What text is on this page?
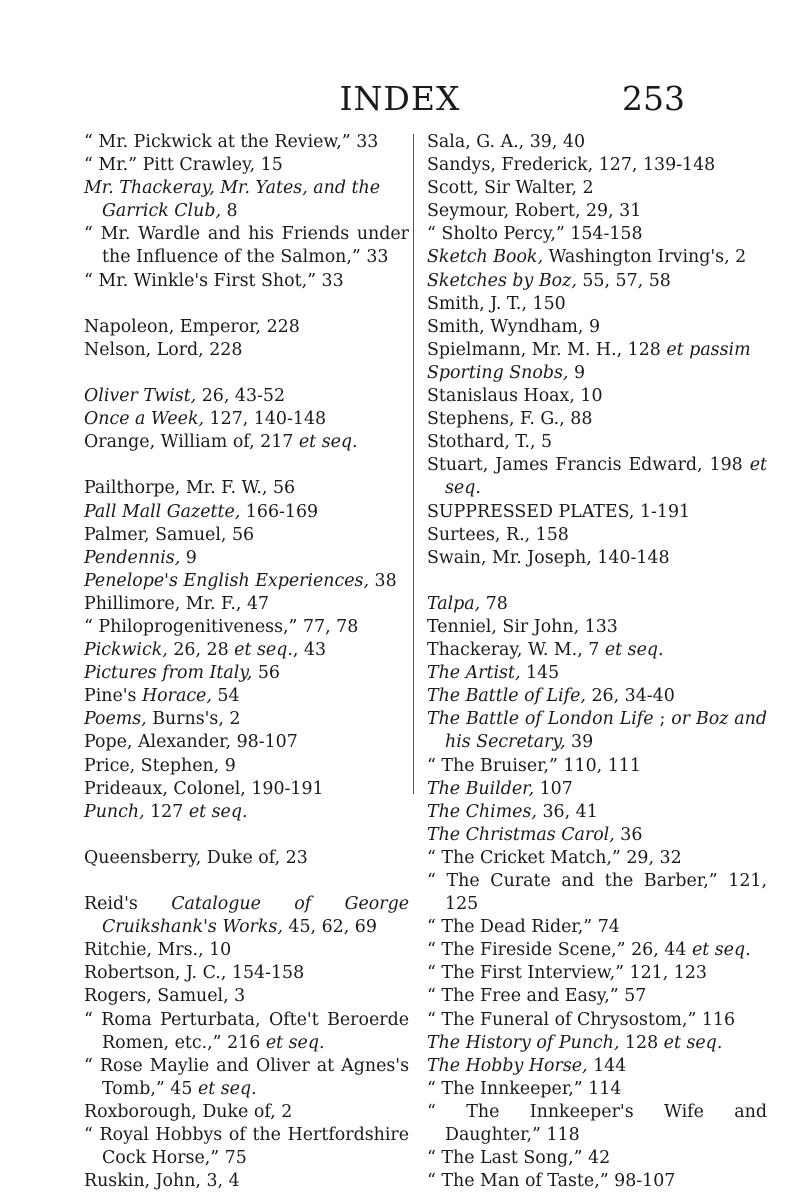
INDEX	253
“ Mr. Pickwick at the Review,” 33
“ Mr.” Pitt Crawley, 15
Mr. Thackeray, Mr. Yates, and the Garrick Club, 8
“ Mr. Wardle and his Friends under the Influence of the Salmon,” 33
“ Mr. Winkle's First Shot,” 33
Napoleon, Emperor, 228
Nelson, Lord, 228
Oliver Twist, 26, 43-52
Once a Week, 127, 140-148
Orange, William of, 217 et seq.
Pailthorpe, Mr. F. W., 56
Pall Mall Gazette, 166-169
Palmer, Samuel, 56
Pendennis, 9
Penelope's English Experiences, 38
Phillimore, Mr. F., 47
“ Philoprogenitiveness,” 77, 78
Pickwick, 26, 28 et seq., 43
Pictures from Italy, 56
Pine's Horace, 54
Poems, Burns's, 2
Pope, Alexander, 98-107
Price, Stephen, 9
Prideaux, Colonel, 190-191
Punch, 127 et seq.
Queensberry, Duke of, 23
Reid's Catalogue of George Cruikshank's Works, 45, 62, 69
Ritchie, Mrs., 10
Robertson, J. C., 154-158
Rogers, Samuel, 3
“ Roma Perturbata, Ofte't Beroerde Romen, etc.,” 216 et seq.
“ Rose Maylie and Oliver at Agnes's Tomb,” 45 et seq.
Roxborough, Duke of, 2
“ Royal Hobbys of the Hertfordshire Cock Horse,” 75
Ruskin, John, 3, 4
Sala, G. A., 39, 40
Sandys, Frederick, 127, 139-148
Scott, Sir Walter, 2
Seymour, Robert, 29, 31
“ Sholto Percy,” 154-158
Sketch Book, Washington Irving's, 2
Sketches by Boz, 55, 57, 58
Smith, J. T., 150
Smith, Wyndham, 9
Spielmann, Mr. M. H., 128 et passim
Sporting Snobs, 9
Stanislaus Hoax, 10
Stephens, F. G., 88
Stothard, T., 5
Stuart, James Francis Edward, 198 et seq.
SUPPRESSED PLATES, 1-191
Surtees, R., 158
Swain, Mr. Joseph, 140-148
Talpa, 78
Tenniel, Sir John, 133
Thackeray, W. M., 7 et seq.
The Artist, 145
The Battle of Life, 26, 34-40
The Battle of London Life ; or Boz and his Secretary, 39
“ The Bruiser,” 110, 111
The Builder, 107
The Chimes, 36, 41
The Christmas Carol, 36
“ The Cricket Match,” 29, 32
“ The Curate and the Barber,” 121, 125
“ The Dead Rider,” 74
“ The Fireside Scene,” 26, 44 et seq.
“ The First Interview,” 121, 123
“ The Free and Easy,” 57
“ The Funeral of Chrysostom,” 116
The History of Punch, 128 et seq.
The Hobby Horse, 144
“ The Innkeeper,” 114
“ The Innkeeper's Wife and Daughter,” 118
“ The Last Song,” 42
“ The Man of Taste,” 98-107
